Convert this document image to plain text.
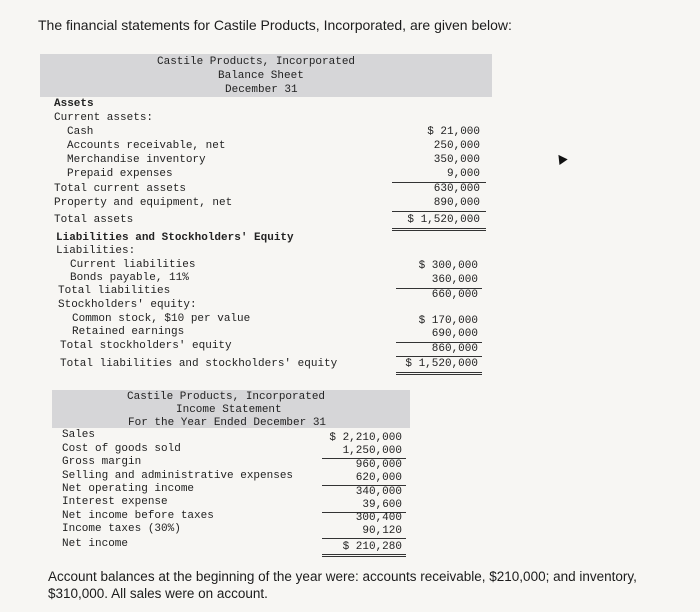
The financial statements for Castile Products, Incorporated, are given below:
Castile Products, Incorporated
Balance Sheet
December 31
Assets
Current assets:
Cash	$ 21,000
Accounts receivable, net	250,000
Merchandise inventory	350,000
Prepaid expenses	9,000
Total current assets	630,000
Property and equipment, net	890,000
Total assets	$ 1,520,000
Liabilities and Stockholders' Equity
Liabilities:
Current liabilities	$ 300,000
Bonds payable, 11%	360,000
Total liabilities	660,000
Stockholders' equity:
Common stock, $10 per value	$ 170,000
Retained earnings	690,000
Total stockholders' equity	860,000
Total liabilities and stockholders' equity	$ 1,520,000
Castile Products, Incorporated
Income Statement
For the Year Ended December 31
Sales	$ 2,210,000
Cost of goods sold	1,250,000
Gross margin	960,000
Selling and administrative expenses	620,000
Net operating income	340,000
Interest expense	39,600
Net income before taxes	300,400
Income taxes (30%)	90,120
Net income	$ 210,280
Account balances at the beginning of the year were: accounts receivable, $210,000; and inventory, $310,000. All sales were on account.
